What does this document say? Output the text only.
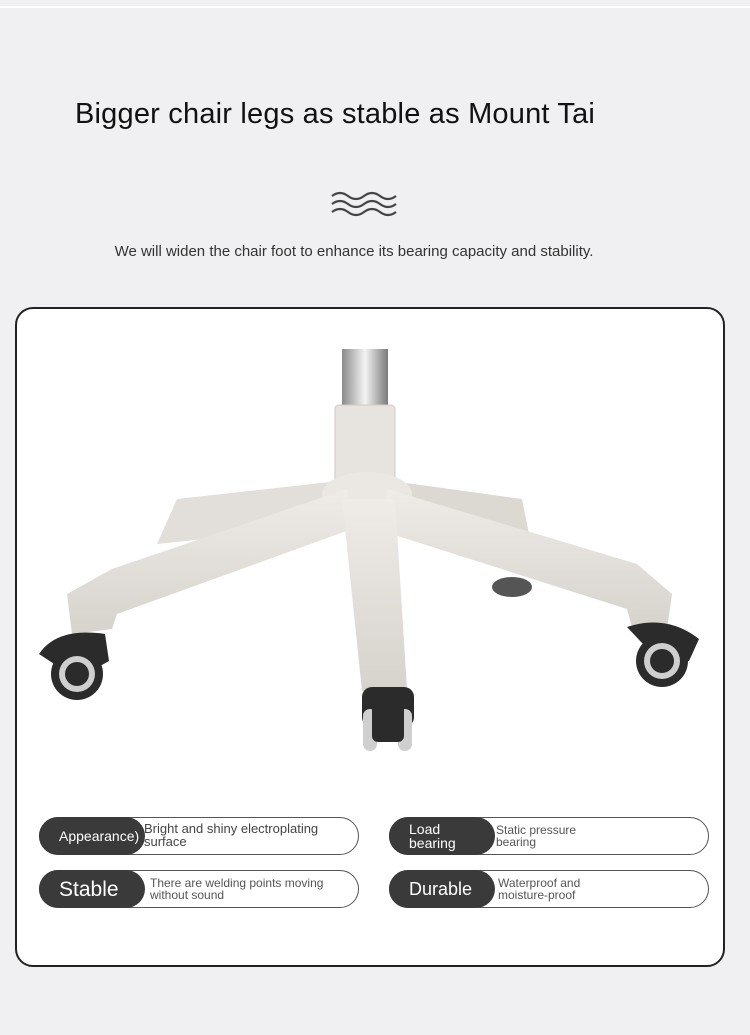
Bigger chair legs as stable as Mount Tai
We will widen the chair foot to enhance its bearing capacity and stability.
Appearance) Bright and shiny electroplating surface
Load bearing
Static pressure bearing
Stable	There are welding points moving without sound	Durable	Waterproof and moisture-proof
